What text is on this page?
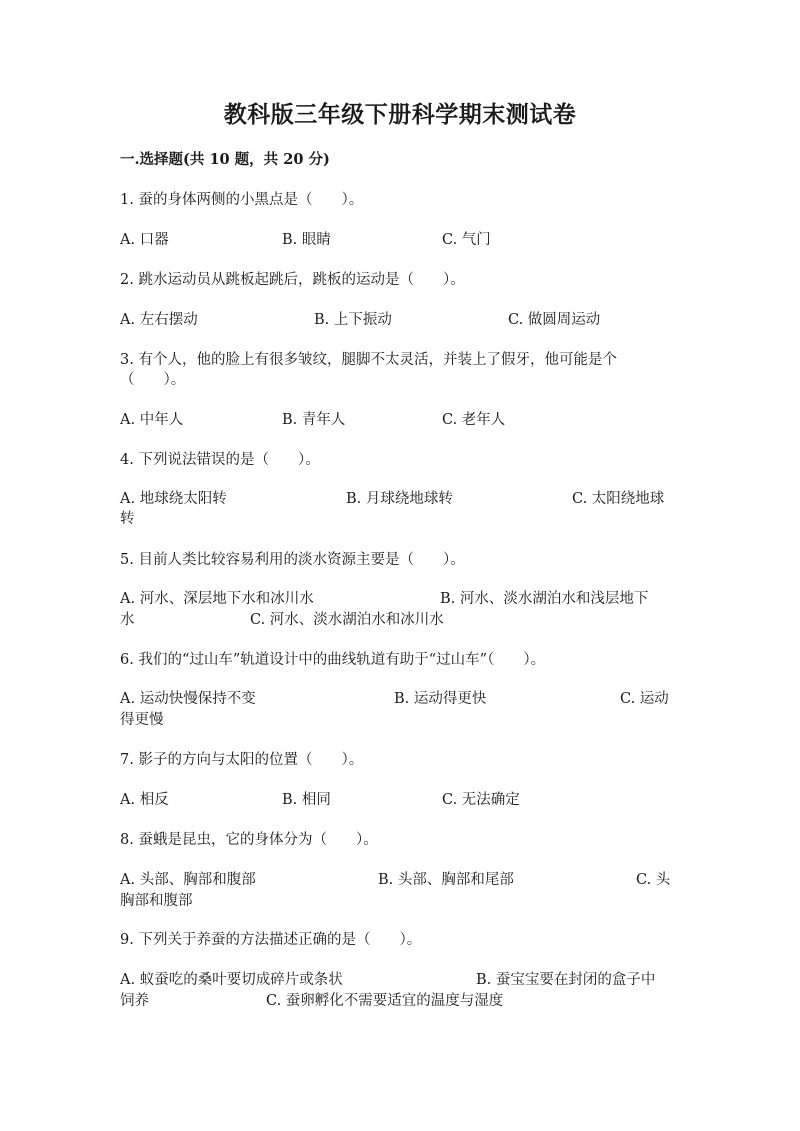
教科版三年级下册科学期末测试卷
一.选择题(共 10 题，共 20 分)
1. 蚕的身体两侧的小黑点是（　　）。
A. 口器	B. 眼睛	C. 气门
2. 跳水运动员从跳板起跳后，跳板的运动是（　　）。
A. 左右摆动	B. 上下振动	C. 做圆周运动
3. 有个人，他的脸上有很多皱纹，腿脚不太灵活，并装上了假牙，他可能是个
（　　）。
A. 中年人	B. 青年人	C. 老年人
4. 下列说法错误的是（　　）。
A. 地球绕太阳转	B. 月球绕地球转	C. 太阳绕地球
转
5. 目前人类比较容易利用的淡水资源主要是（　　）。
A. 河水、深层地下水和冰川水	B. 河水、淡水湖泊水和浅层地下
水	C. 河水、淡水湖泊水和冰川水
6. 我们的“过山车”轨道设计中的曲线轨道有助于“过山车”（　　）。
A. 运动快慢保持不变	B. 运动得更快	C. 运动
得更慢
7. 影子的方向与太阳的位置（　　）。
A. 相反	B. 相同	C. 无法确定
8. 蚕蛾是昆虫，它的身体分为（　　）。
A. 头部、胸部和腹部	B. 头部、胸部和尾部	C. 头
胸部和腹部
9. 下列关于养蚕的方法描述正确的是（　　）。
A. 蚁蚕吃的桑叶要切成碎片或条状	B. 蚕宝宝要在封闭的盒子中
饲养	C. 蚕卵孵化不需要适宜的温度与湿度
